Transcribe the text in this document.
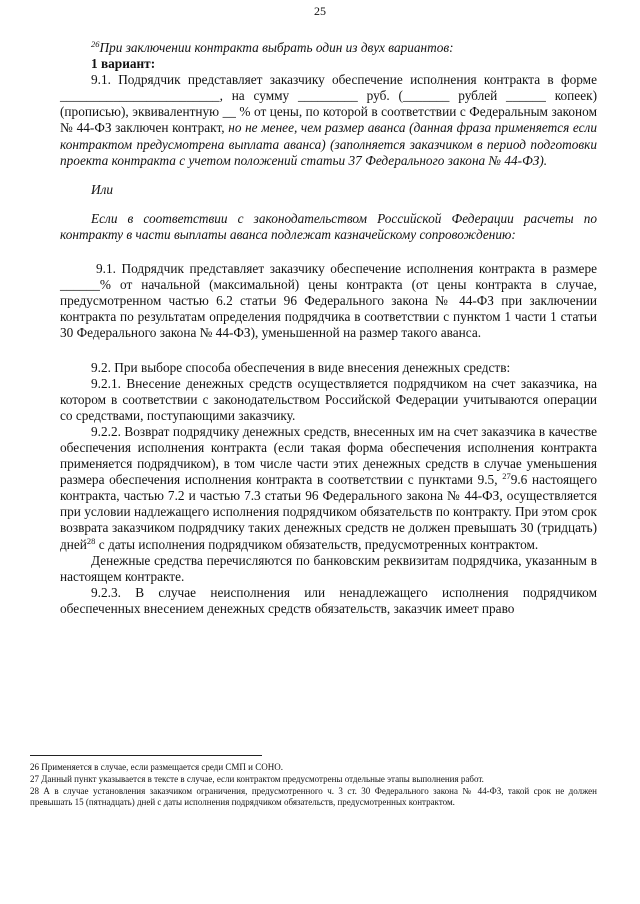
25

$^{26}$При заключении контракта выбрать один из двух вариантов:

1 вариант:

9.1. Подрядчик представляет заказчику обеспечение исполнения контракта в форме ________________________, на сумму _________ руб. (_______ рублей ______ копеек) (прописью), эквивалентную __ % от цены, по которой в соответствии с Федеральным законом № 44-ФЗ заключен контракт, но не менее, чем размер аванса (данная фраза применяется если контрактом предусмотрена выплата аванса) (заполняется заказчиком в период подготовки проекта контракта с учетом положений статьи 37 Федерального закона № 44-ФЗ).

Или

Если в соответствии с законодательством Российской Федерации расчеты по контракту в части выплаты аванса подлежат казначейскому сопровождению:

9.1. Подрядчик представляет заказчику обеспечение исполнения контракта в размере ______% от начальной (максимальной) цены контракта (от цены контракта в случае, предусмотренном частью 6.2 статьи 96 Федерального закона № 44-ФЗ при заключении контракта по результатам определения подрядчика в соответствии с пунктом 1 части 1 статьи 30 Федерального закона № 44-ФЗ), уменьшенной на размер такого аванса.

9.2. При выборе способа обеспечения в виде внесения денежных средств:

9.2.1. Внесение денежных средств осуществляется подрядчиком на счет заказчика, на котором в соответствии с законодательством Российской Федерации учитываются операции со средствами, поступающими заказчику.

9.2.2. Возврат подрядчику денежных средств, внесенных им на счет заказчика в качестве обеспечения исполнения контракта (если такая форма обеспечения исполнения контракта применяется подрядчиком), в том числе части этих денежных средств в случае уменьшения размера обеспечения исполнения контракта в соответствии с пунктами 9.5, $^{27}$9.6 настоящего контракта, частью 7.2 и частью 7.3 статьи 96 Федерального закона № 44-ФЗ, осуществляется при условии надлежащего исполнения подрядчиком обязательств по контракту. При этом срок возврата заказчиком подрядчику таких денежных средств не должен превышать 30 (тридцать) дней$^{28}$ с даты исполнения подрядчиком обязательств, предусмотренных контрактом.

Денежные средства перечисляются по банковским реквизитам подрядчика, указанным в настоящем контракте.

9.2.3. В случае неисполнения или ненадлежащего исполнения подрядчиком обеспеченных внесением денежных средств обязательств, заказчик имеет право

26 Применяется в случае, если размещается среди СМП и СОНО.

27 Данный пункт указывается в тексте в случае, если контрактом предусмотрены отдельные этапы выполнения работ.

28 А в случае установления заказчиком ограничения, предусмотренного ч. 3 ст. 30 Федерального закона № 44-ФЗ, такой срок не должен превышать 15 (пятнадцать) дней с даты исполнения подрядчиком обязательств, предусмотренных контрактом.
